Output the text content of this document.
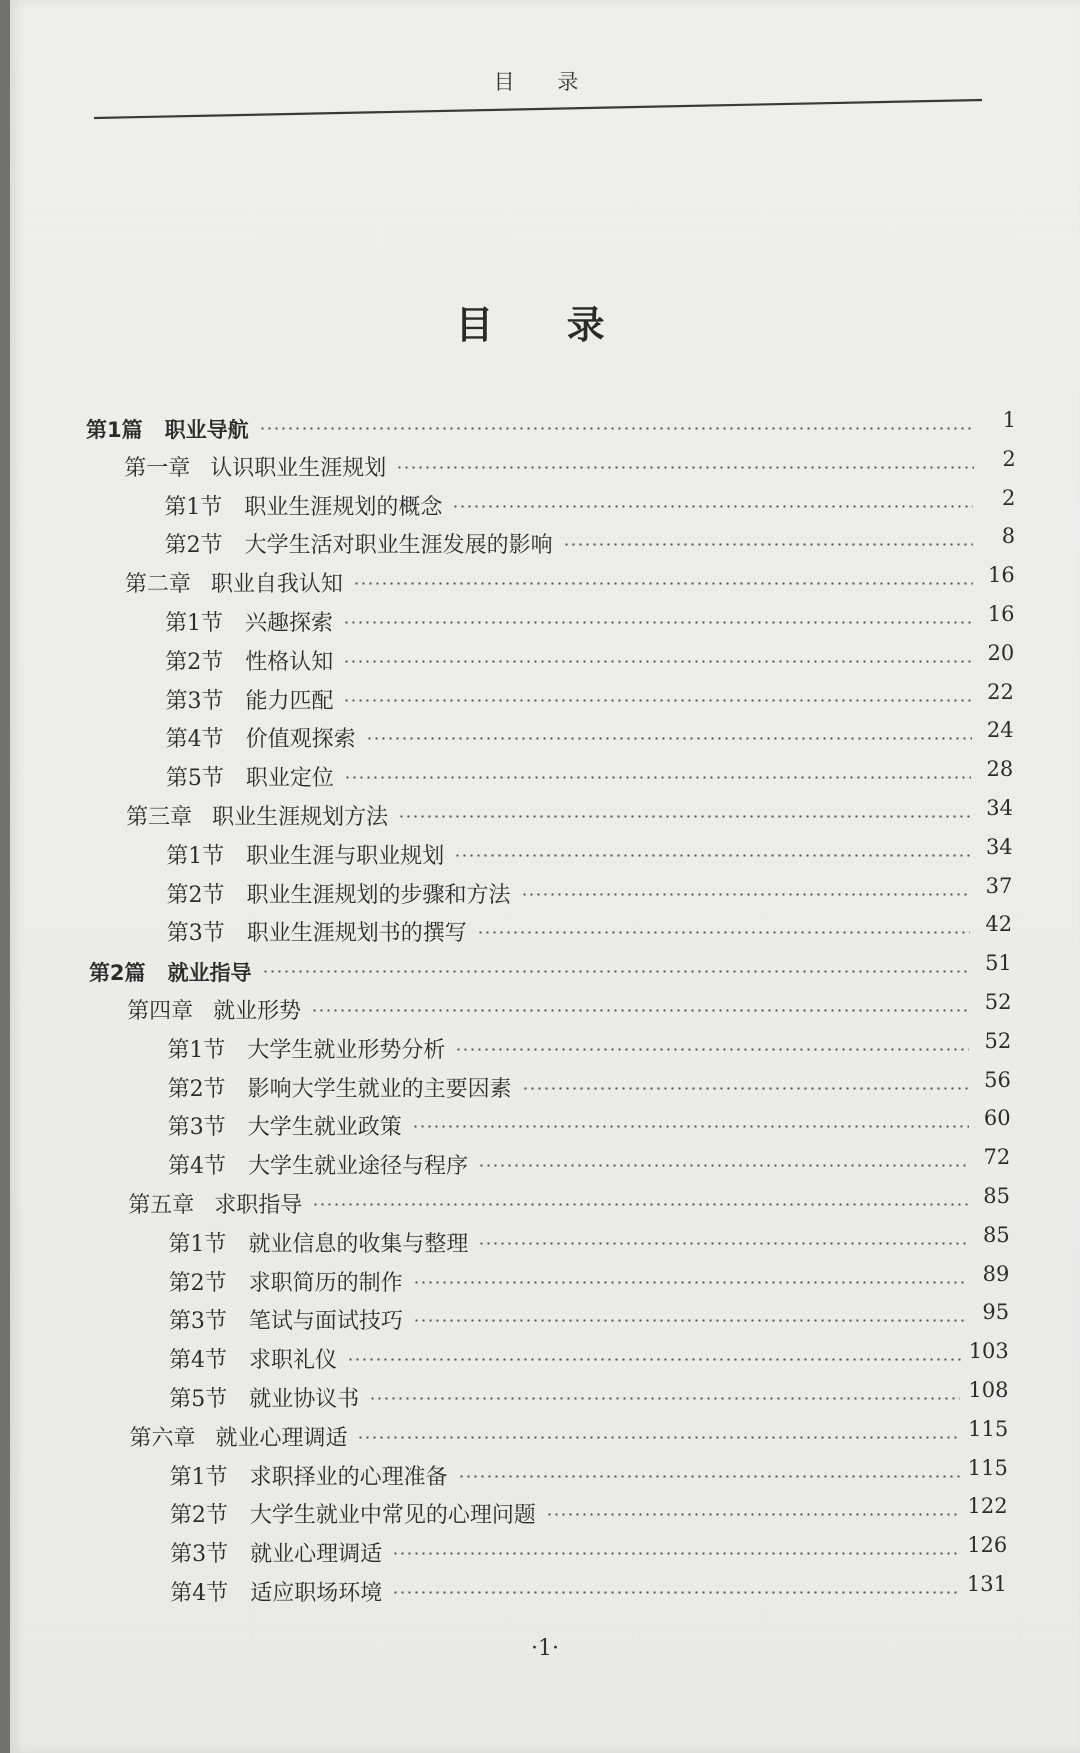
目 录
目 录
第1篇	职业导航	1
第一章 认识职业生涯规划	2
第1节	职业生涯规划的概念	2
第2节	大学生活对职业生涯发展的影响	8
第二章 职业自我认知	16
第1节	兴趣探索	16
第2节	性格认知	20
第3节	能力匹配	22
第4节	价值观探索	24
第5节	职业定位	28
第三章 职业生涯规划方法	34
第1节	职业生涯与职业规划	34
第2节	职业生涯规划的步骤和方法	37
第3节	职业生涯规划书的撰写	42
第2篇	就业指导	51
第四章 就业形势	52
第1节	大学生就业形势分析	52
第2节	影响大学生就业的主要因素	56
第3节	大学生就业政策	60
第4节	大学生就业途径与程序	72
第五章 求职指导	85
第1节	就业信息的收集与整理	85
第2节	求职简历的制作	89
第3节	笔试与面试技巧	95
第4节	求职礼仪	103
第5节	就业协议书	108
第六章 就业心理调适	115
第1节	求职择业的心理准备	115
第2节	大学生就业中常见的心理问题	122
第3节	就业心理调适	126
第4节	适应职场环境	131
·1·
